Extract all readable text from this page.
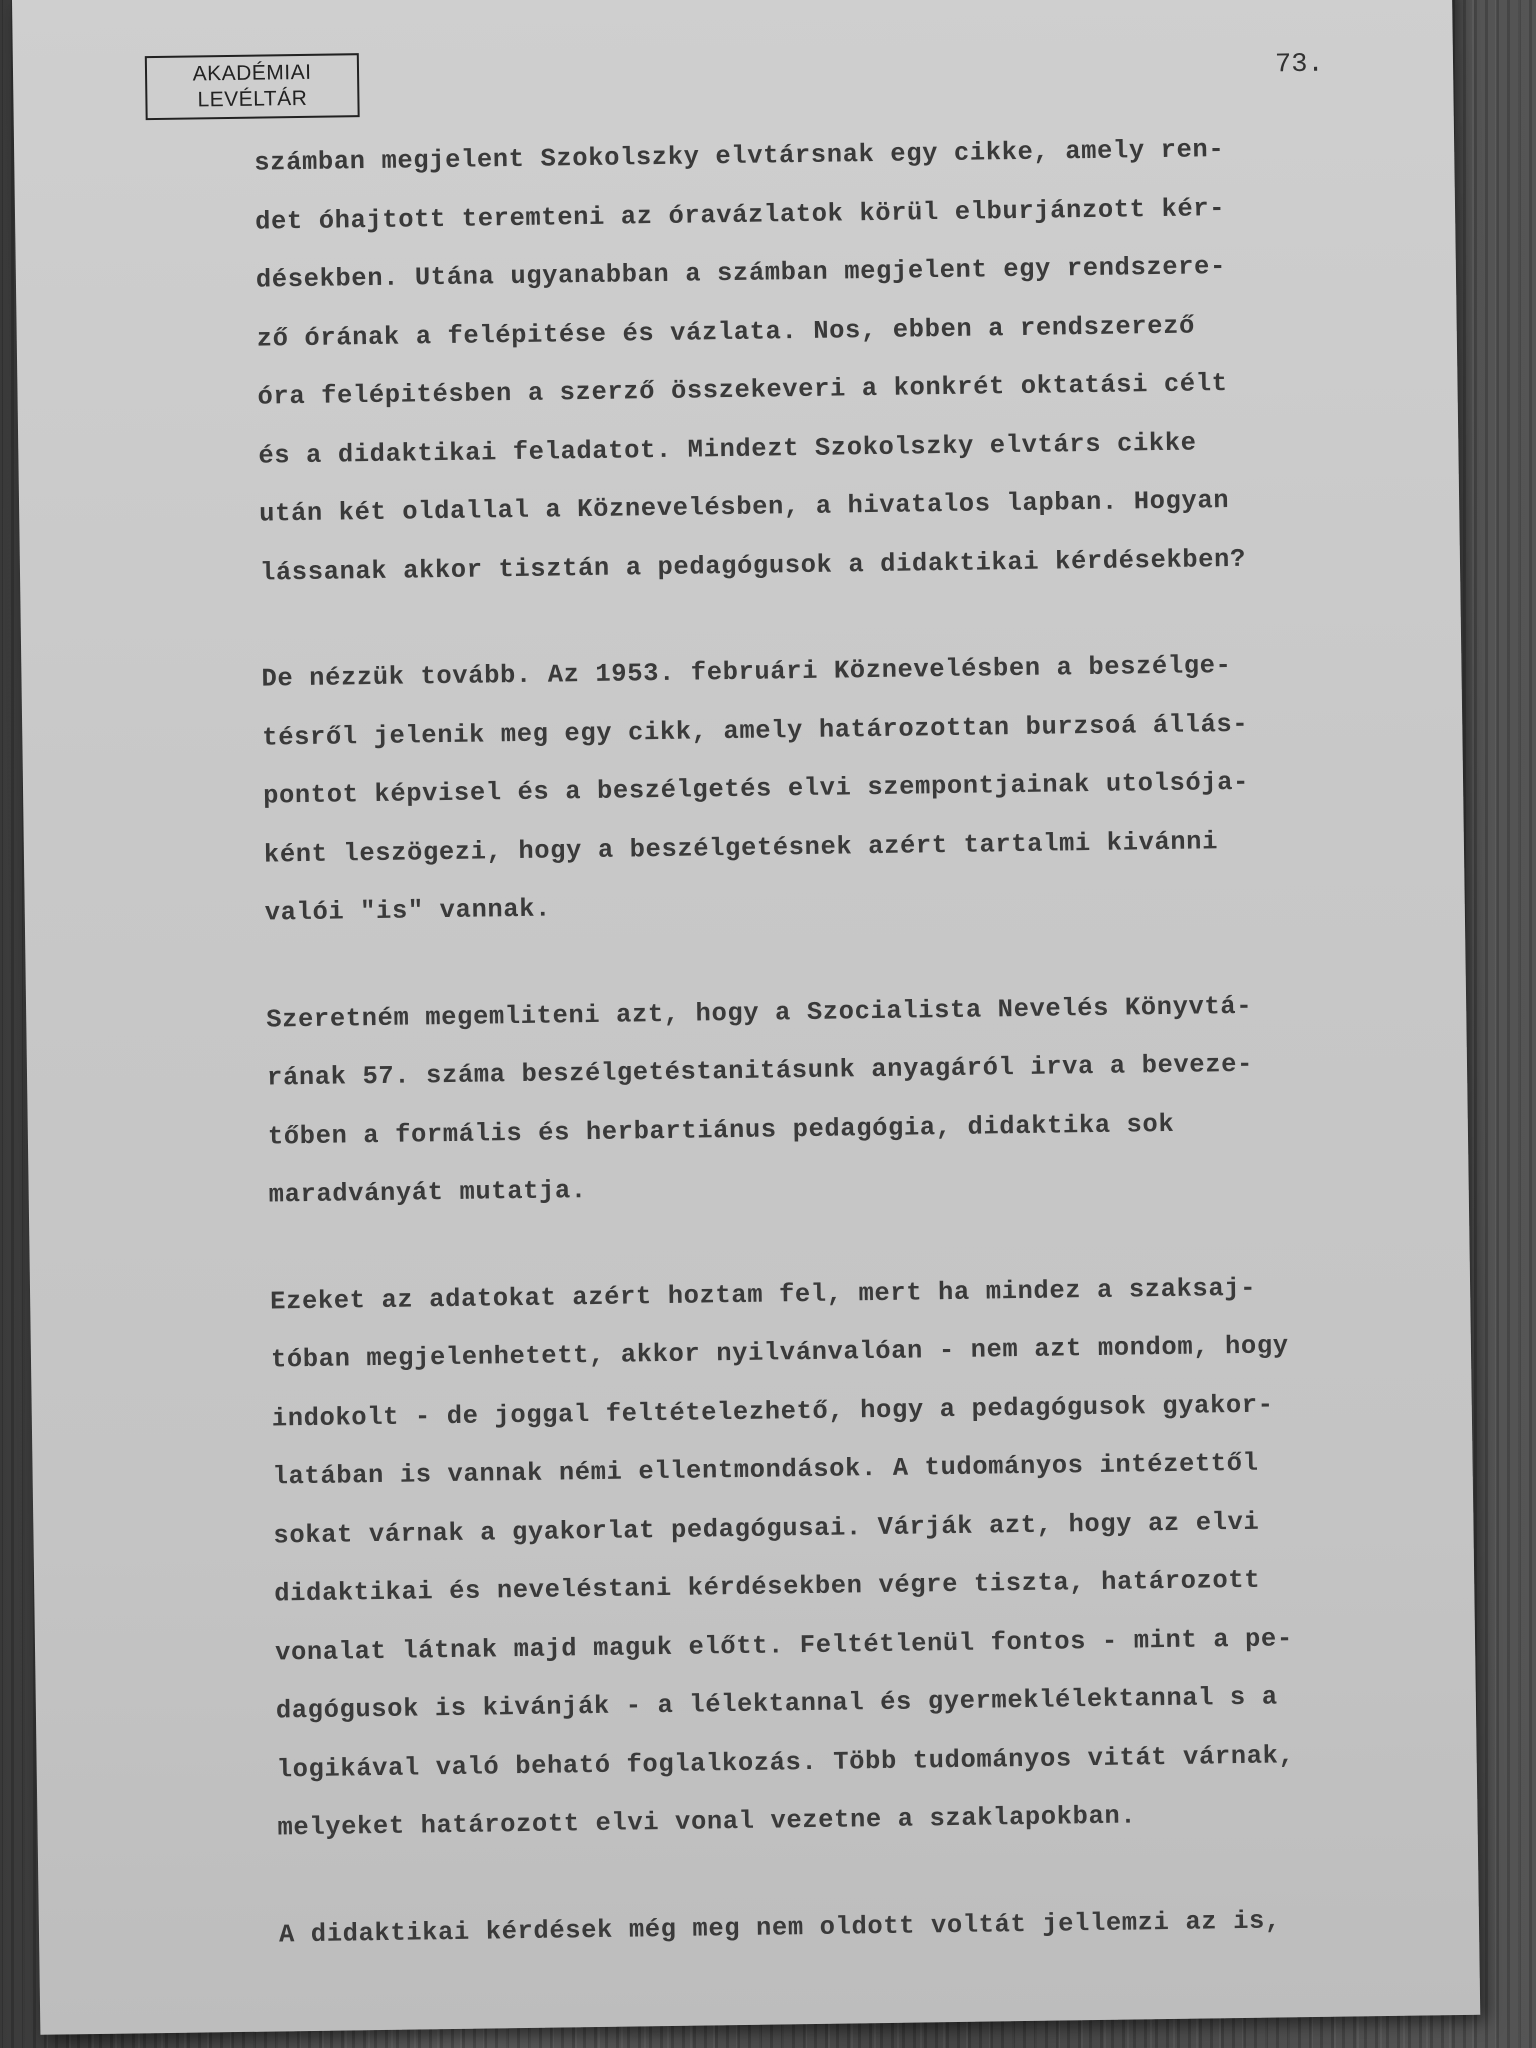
AKADÉMIAI
LEVÉLTÁR
73.

számban megjelent Szokolszky elvtársnak egy cikke, amely ren-
det óhajtott teremteni az óravázlatok körül elburjánzott kér-
désekben. Utána ugyanabban a számban megjelent egy rendszere-
ző órának a felépitése és vázlata. Nos, ebben a rendszerező
óra felépitésben a szerző összekeveri a konkrét oktatási célt
és a didaktikai feladatot. Mindezt Szokolszky elvtárs cikke
után két oldallal a Köznevelésben, a hivatalos lapban. Hogyan
lássanak akkor tisztán a pedagógusok a didaktikai kérdésekben?

De nézzük tovább. Az 1953. februári Köznevelésben a beszélge-
tésről jelenik meg egy cikk, amely határozottan burzsoá állás-
pontot képvisel és a beszélgetés elvi szempontjainak utolsója-
ként leszögezi, hogy a beszélgetésnek azért tartalmi kivánni
valói "is" vannak.

Szeretném megemliteni azt, hogy a Szocialista Nevelés Könyvtá-
rának 57. száma beszélgetéstanitásunk anyagáról irva a beveze-
tőben a formális és herbartiánus pedagógia, didaktika sok
maradványát mutatja.

Ezeket az adatokat azért hoztam fel, mert ha mindez a szaksaj-
tóban megjelenhetett, akkor nyilvánvalóan - nem azt mondom, hogy
indokolt - de joggal feltételezhető, hogy a pedagógusok gyakor-
latában is vannak némi ellentmondások. A tudományos intézettől
sokat várnak a gyakorlat pedagógusai. Várják azt, hogy az elvi
didaktikai és neveléstani kérdésekben végre tiszta, határozott
vonalat látnak majd maguk előtt. Feltétlenül fontos - mint a pe-
dagógusok is kivánják - a lélektannal és gyermeklélektannal s a
logikával való beható foglalkozás. Több tudományos vitát várnak,
melyeket határozott elvi vonal vezetne a szaklapokban.

A didaktikai kérdések még meg nem oldott voltát jellemzi az is,
